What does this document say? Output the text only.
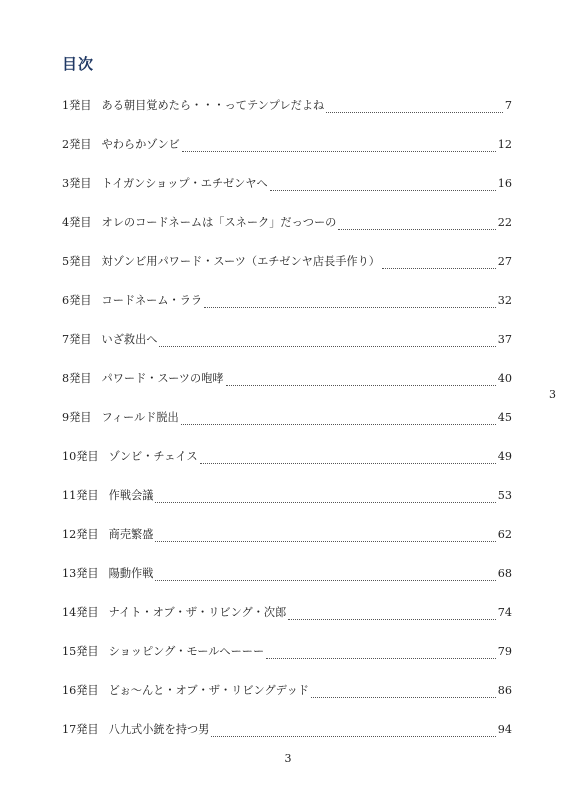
目次
1発目 ある朝目覚めたら・・・ってテンプレだよね	7
2発目 やわらかゾンビ	12
3発目 トイガンショップ・エチゼンヤへ	16
4発目 オレのコードネームは「スネーク」だっつーの	22
5発目 対ゾンビ用パワード・スーツ（エチゼンヤ店長手作り）	27
6発目 コードネーム・ララ	32
7発目 いざ救出へ	37
8発目 パワード・スーツの咆哮	40
9発目 フィールド脱出	45
10発目 ゾンビ・チェイス	49
11発目 作戦会議	53
12発目 商売繁盛	62
13発目 陽動作戦	68
14発目 ナイト・オブ・ザ・リビング・次郎	74
15発目 ショッピング・モールへーーー	79
16発目 どぉ～んと・オブ・ザ・リビングデッド	86
17発目 八九式小銃を持つ男	94
3
3
